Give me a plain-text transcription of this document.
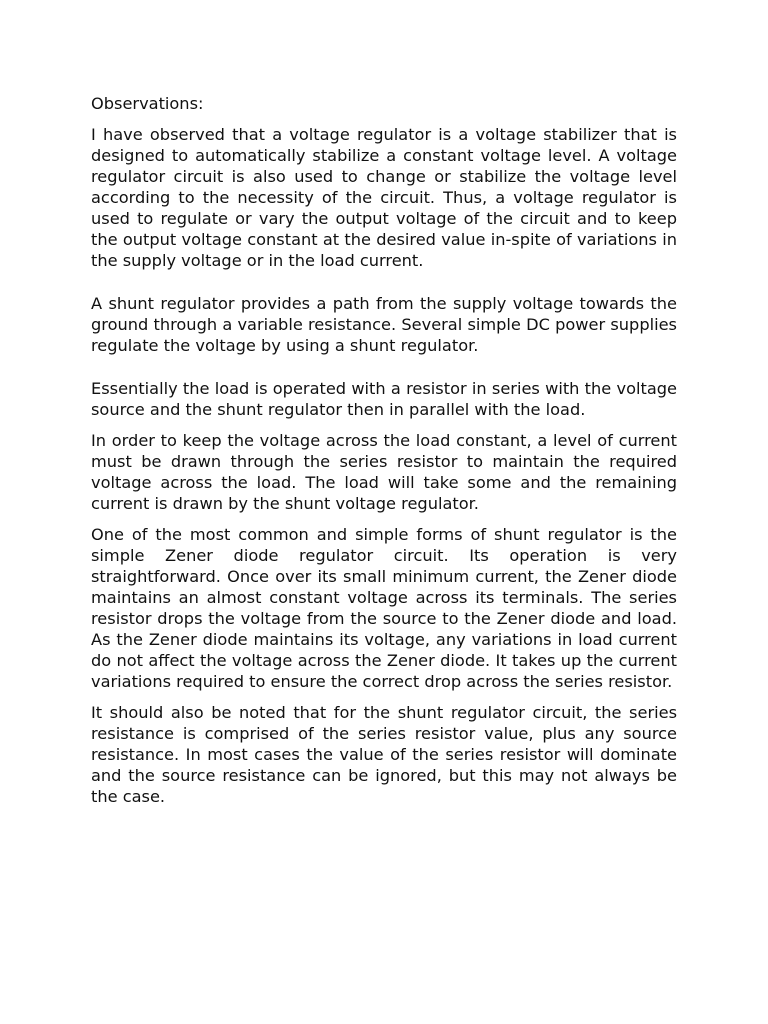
Observations:

I have observed that a voltage regulator is a voltage stabilizer that is designed to automatically stabilize a constant voltage level. A voltage regulator circuit is also used to change or stabilize the voltage level according to the necessity of the circuit. Thus, a voltage regulator is used to regulate or vary the output voltage of the circuit and to keep the output voltage constant at the desired value in-spite of variations in the supply voltage or in the load current.

A shunt regulator provides a path from the supply voltage towards the ground through a variable resistance. Several simple DC power supplies regulate the voltage by using a shunt regulator.

Essentially the load is operated with a resistor in series with the voltage source and the shunt regulator then in parallel with the load.

In order to keep the voltage across the load constant, a level of current must be drawn through the series resistor to maintain the required voltage across the load. The load will take some and the remaining current is drawn by the shunt voltage regulator.

One of the most common and simple forms of shunt regulator is the simple Zener diode regulator circuit. Its operation is very straightforward. Once over its small minimum current, the Zener diode maintains an almost constant voltage across its terminals. The series resistor drops the voltage from the source to the Zener diode and load. As the Zener diode maintains its voltage, any variations in load current do not affect the voltage across the Zener diode. It takes up the current variations required to ensure the correct drop across the series resistor.

It should also be noted that for the shunt regulator circuit, the series resistance is comprised of the series resistor value, plus any source resistance. In most cases the value of the series resistor will dominate and the source resistance can be ignored, but this may not always be the case.
